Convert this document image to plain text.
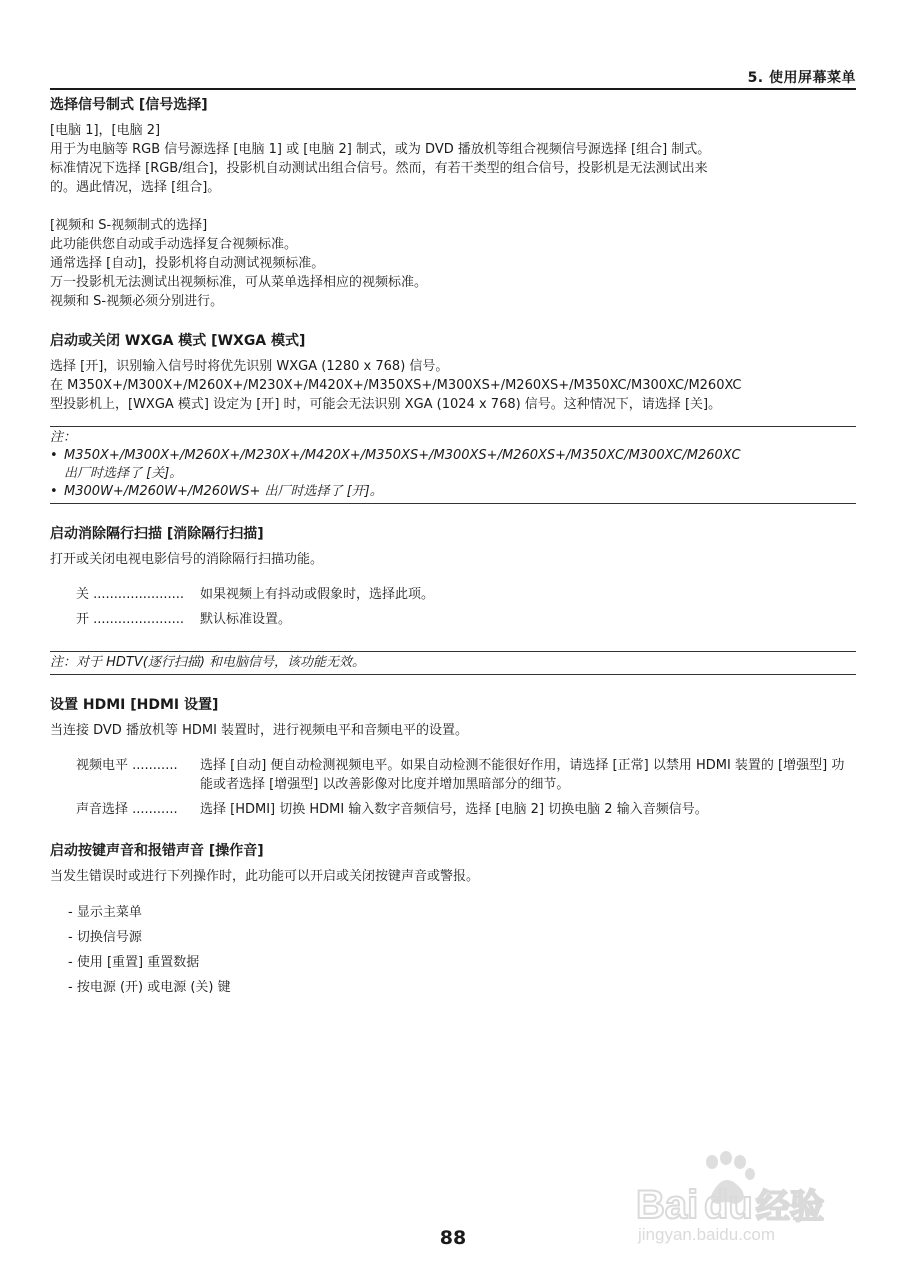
5. 使用屏幕菜单
选择信号制式 [信号选择]

[电脑 1]，[电脑 2]

用于为电脑等 RGB 信号源选择 [电脑 1] 或 [电脑 2] 制式，或为 DVD 播放机等组合视频信号源选择 [组合] 制式。

标准情况下选择 [RGB/组合]，投影机自动测试出组合信号。然而，有若干类型的组合信号，投影机是无法测试出来

的。遇此情况，选择 [组合]。

[视频和 S-视频制式的选择]

此功能供您自动或手动选择复合视频标准。

通常选择 [自动]，投影机将自动测试视频标准。

万一投影机无法测试出视频标准，可从菜单选择相应的视频标准。

视频和 S-视频必须分别进行。

启动或关闭 WXGA 模式 [WXGA 模式]

选择 [开]，识别输入信号时将优先识别 WXGA (1280 x 768) 信号。

在 M350X+/M300X+/M260X+/M230X+/M420X+/M350XS+/M300XS+/M260XS+/M350XC/M300XC/M260XC

型投影机上，[WXGA 模式] 设定为 [开] 时，可能会无法识别 XGA (1024 x 768) 信号。这种情况下，请选择 [关]。

注：
• M350X+/M300X+/M260X+/M230X+/M420X+/M350XS+/M300XS+/M260XS+/M350XC/M300XC/M260XC
出厂时选择了 [关]。
• M300W+/M260W+/M260WS+ 出厂时选择了 [开]。
启动消除隔行扫描 [消除隔行扫描]

打开或关闭电视电影信号的消除隔行扫描功能。

关 ......................	如果视频上有抖动或假象时，选择此项。
开 ......................	默认标准设置。
注：对于 HDTV(逐行扫描) 和电脑信号，该功能无效。
设置 HDMI [HDMI 设置]

当连接 DVD 播放机等 HDMI 装置时，进行视频电平和音频电平的设置。

视频电平 ...........	选择 [自动] 便自动检测视频电平。如果自动检测不能很好作用，请选择 [正常] 以禁用 HDMI 装置的 [增强型] 功能或者选择 [增强型] 以改善影像对比度并增加黑暗部分的细节。
声音选择 ...........	选择 [HDMI] 切换 HDMI 输入数字音频信号，选择 [电脑 2] 切换电脑 2 输入音频信号。
启动按键声音和报错声音 [操作音]

当发生错误时或进行下列操作时，此功能可以开启或关闭按键声音或警报。

- 显示主菜单
- 切换信号源
- 使用 [重置] 重置数据
- 按电源 (开) 或电源 (关) 键
Bai du 经验
jingyan.baidu.com
88
